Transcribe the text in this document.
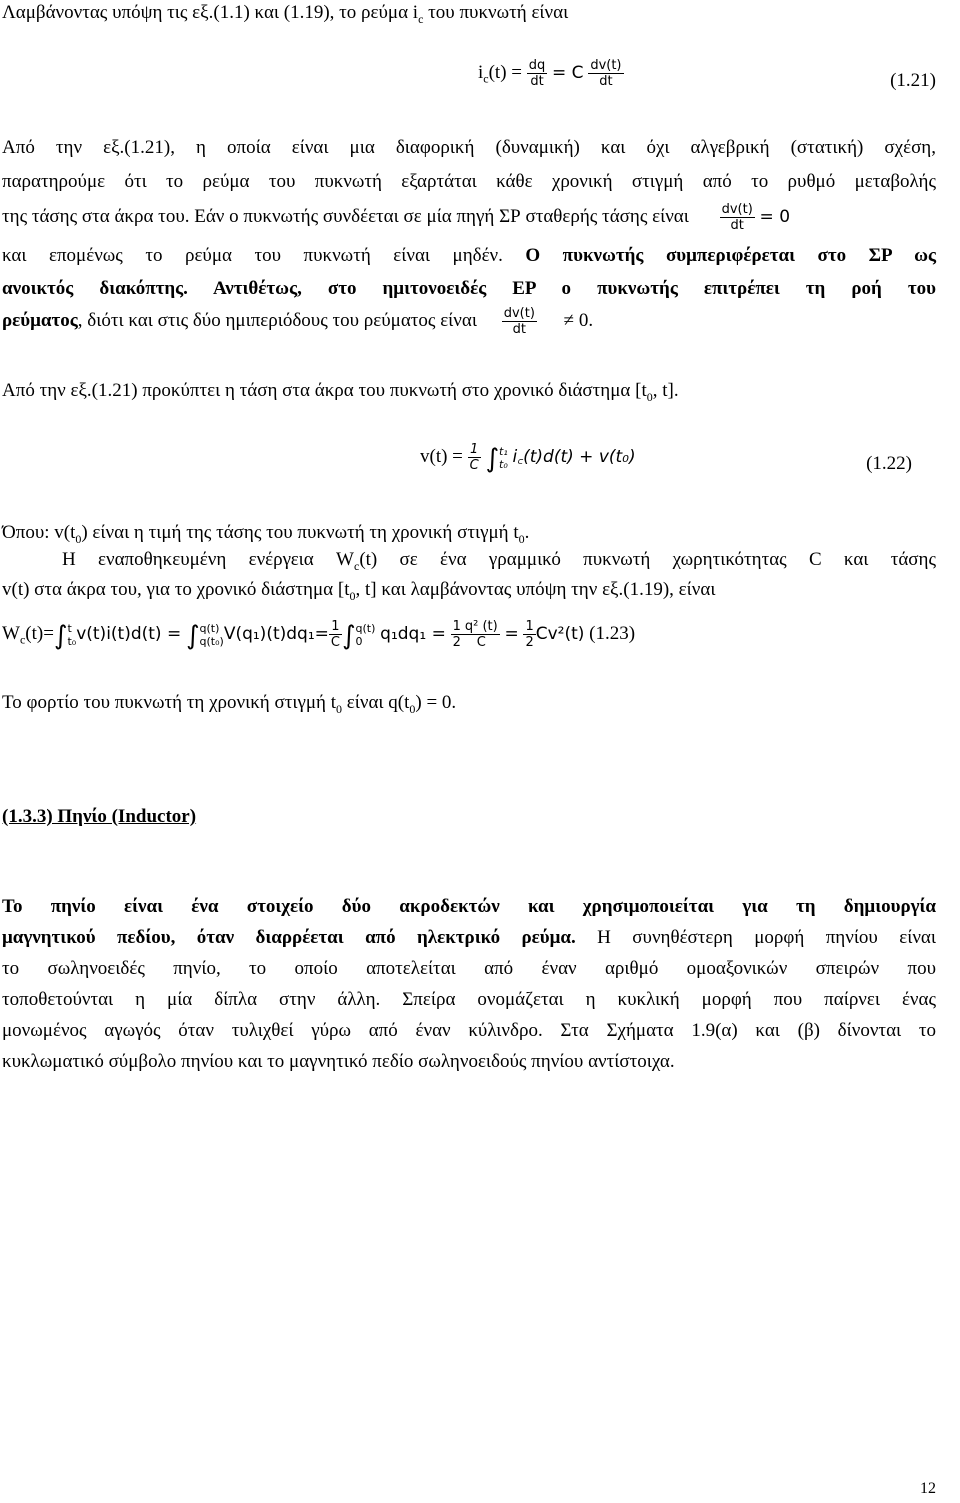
Λαμβάνοντας υπόψη τις εξ.(1.1) και (1.19), το ρεύμα $i_c$ του πυκνωτή είναι
$i_c(t) = \frac{dq}{dt} = C \frac{dv(t)}{dt}$	(1.21)
Από την εξ.(1.21), η οποία είναι μια διαφορική (δυναμική) και όχι αλγεβρική (στατική) σχέση,
παρατηρούμε ότι το ρεύμα του πυκνωτή εξαρτάται κάθε χρονική στιγμή από το ρυθμό μεταβολής
της τάσης στα άκρα του. Εάν ο πυκνωτής συνδέεται σε μία πηγή ΣΡ σταθερής τάσης είναι $\frac{dv(t)}{dt} = 0$
και επομένως το ρεύμα του πυκνωτή είναι μηδέν. Ο πυκνωτής συμπεριφέρεται στο ΣΡ ως
ανοικτός διακόπτης. Αντιθέτως, στο ημιτονοειδές ΕΡ ο πυκνωτής επιτρέπει τη ροή του
ρεύματος, διότι και στις δύο ημιπεριόδους του ρεύματος είναι $\frac{dv(t)}{dt} \ne 0$.
Από την εξ.(1.21) προκύπτει η τάση στα άκρα του πυκνωτή στο χρονικό διάστημα [$t_0$, t].
$v(t) = \frac{1}{C}$ ∫ t₁
t₀ i꜀(t)d(t) + v(t₀)	(1.22)
Όπου: $v(t_0)$ είναι η τιμή της τάσης του πυκνωτή τη χρονική στιγμή $t_0$.
Η εναποθηκευμένη ενέργεια $W_c(t)$ σε ένα γραμμικό πυκνωτή χωρητικότητας C και τάσης
v(t) στα άκρα του, για το χρονικό διάστημα [$t_0$, t] και λαμβάνοντας υπόψη την εξ.(1.19), είναι
$W_c(t)=\int$ t
t₀ v(t)i(t)d(t) = ∫ q(t)
q(t₀) $V(q_1)(t)dq_1= \frac{1}{C}$ ∫ q(t)
0	$q_1dq_1 = \frac{1}{2} \frac{\text{q² (t)}}{C} = \frac{1}{2} Cv^2(t)$ (1.23)
Το φορτίο του πυκνωτή τη χρονική στιγμή $t_0$ είναι $q(t_0) = 0$.
(1.3.3) Πηνίο (Inductor)
Το πηνίο είναι ένα στοιχείο δύο ακροδεκτών και χρησιμοποιείται για τη δημιουργία
μαγνητικού πεδίου, όταν διαρρέεται από ηλεκτρικό ρεύμα. Η συνηθέστερη μορφή πηνίου είναι
το σωληνοειδές πηνίο, το οποίο αποτελείται από έναν αριθμό ομοαξονικών σπειρών που
τοποθετούνται η μία δίπλα στην άλλη. Σπείρα ονομάζεται η κυκλική μορφή που παίρνει ένας
μονωμένος αγωγός όταν τυλιχθεί γύρω από έναν κύλινδρο. Στα Σχήματα 1.9(α) και (β) δίνονται το
κυκλωματικό σύμβολο πηνίου και το μαγνητικό πεδίο σωληνοειδούς πηνίου αντίστοιχα.
12
